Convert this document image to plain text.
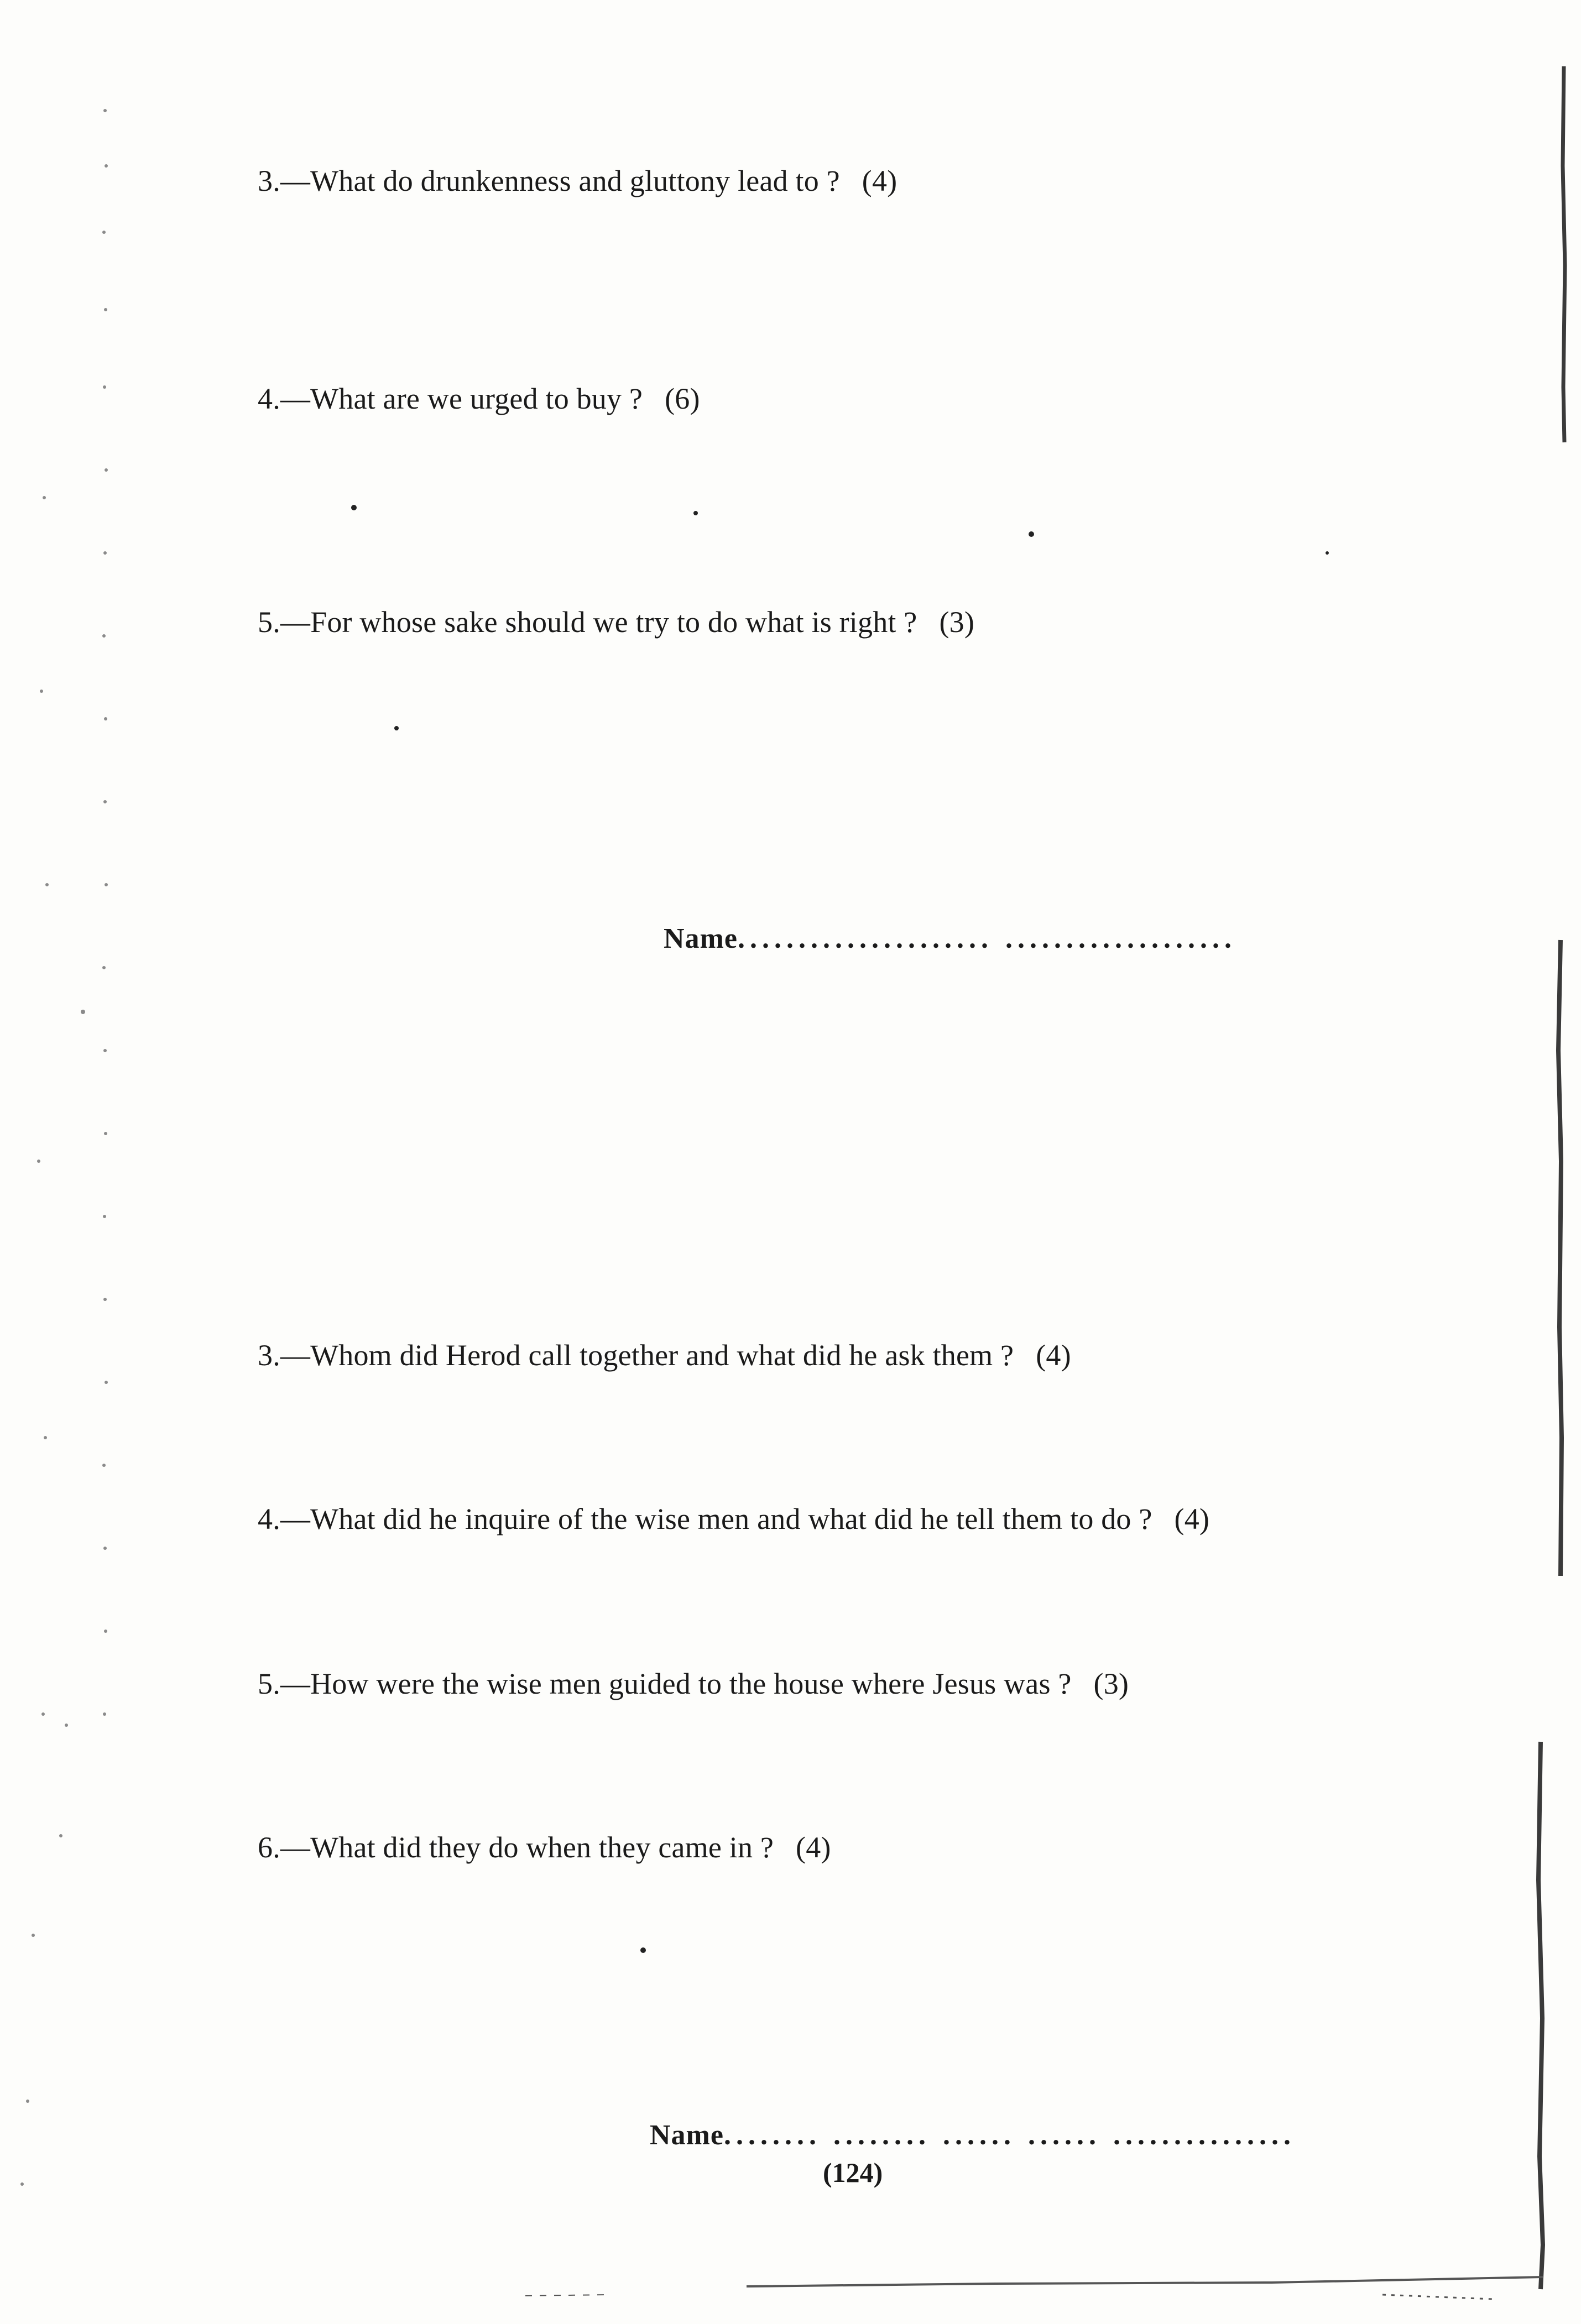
3.—What do drunkenness and gluttony lead to ? (4)
4.—What are we urged to buy ? (6)
5.—For whose sake should we try to do what is right ? (3)
Name..................... ...................
3.—Whom did Herod call together and what did he ask them ? (4)
4.—What did he inquire of the wise men and what did he tell them to do ? (4)
5.—How were the wise men guided to the house where Jesus was ? (3)
6.—What did they do when they came in ? (4)
Name........ ........ ...... ...... ...............
(124)
